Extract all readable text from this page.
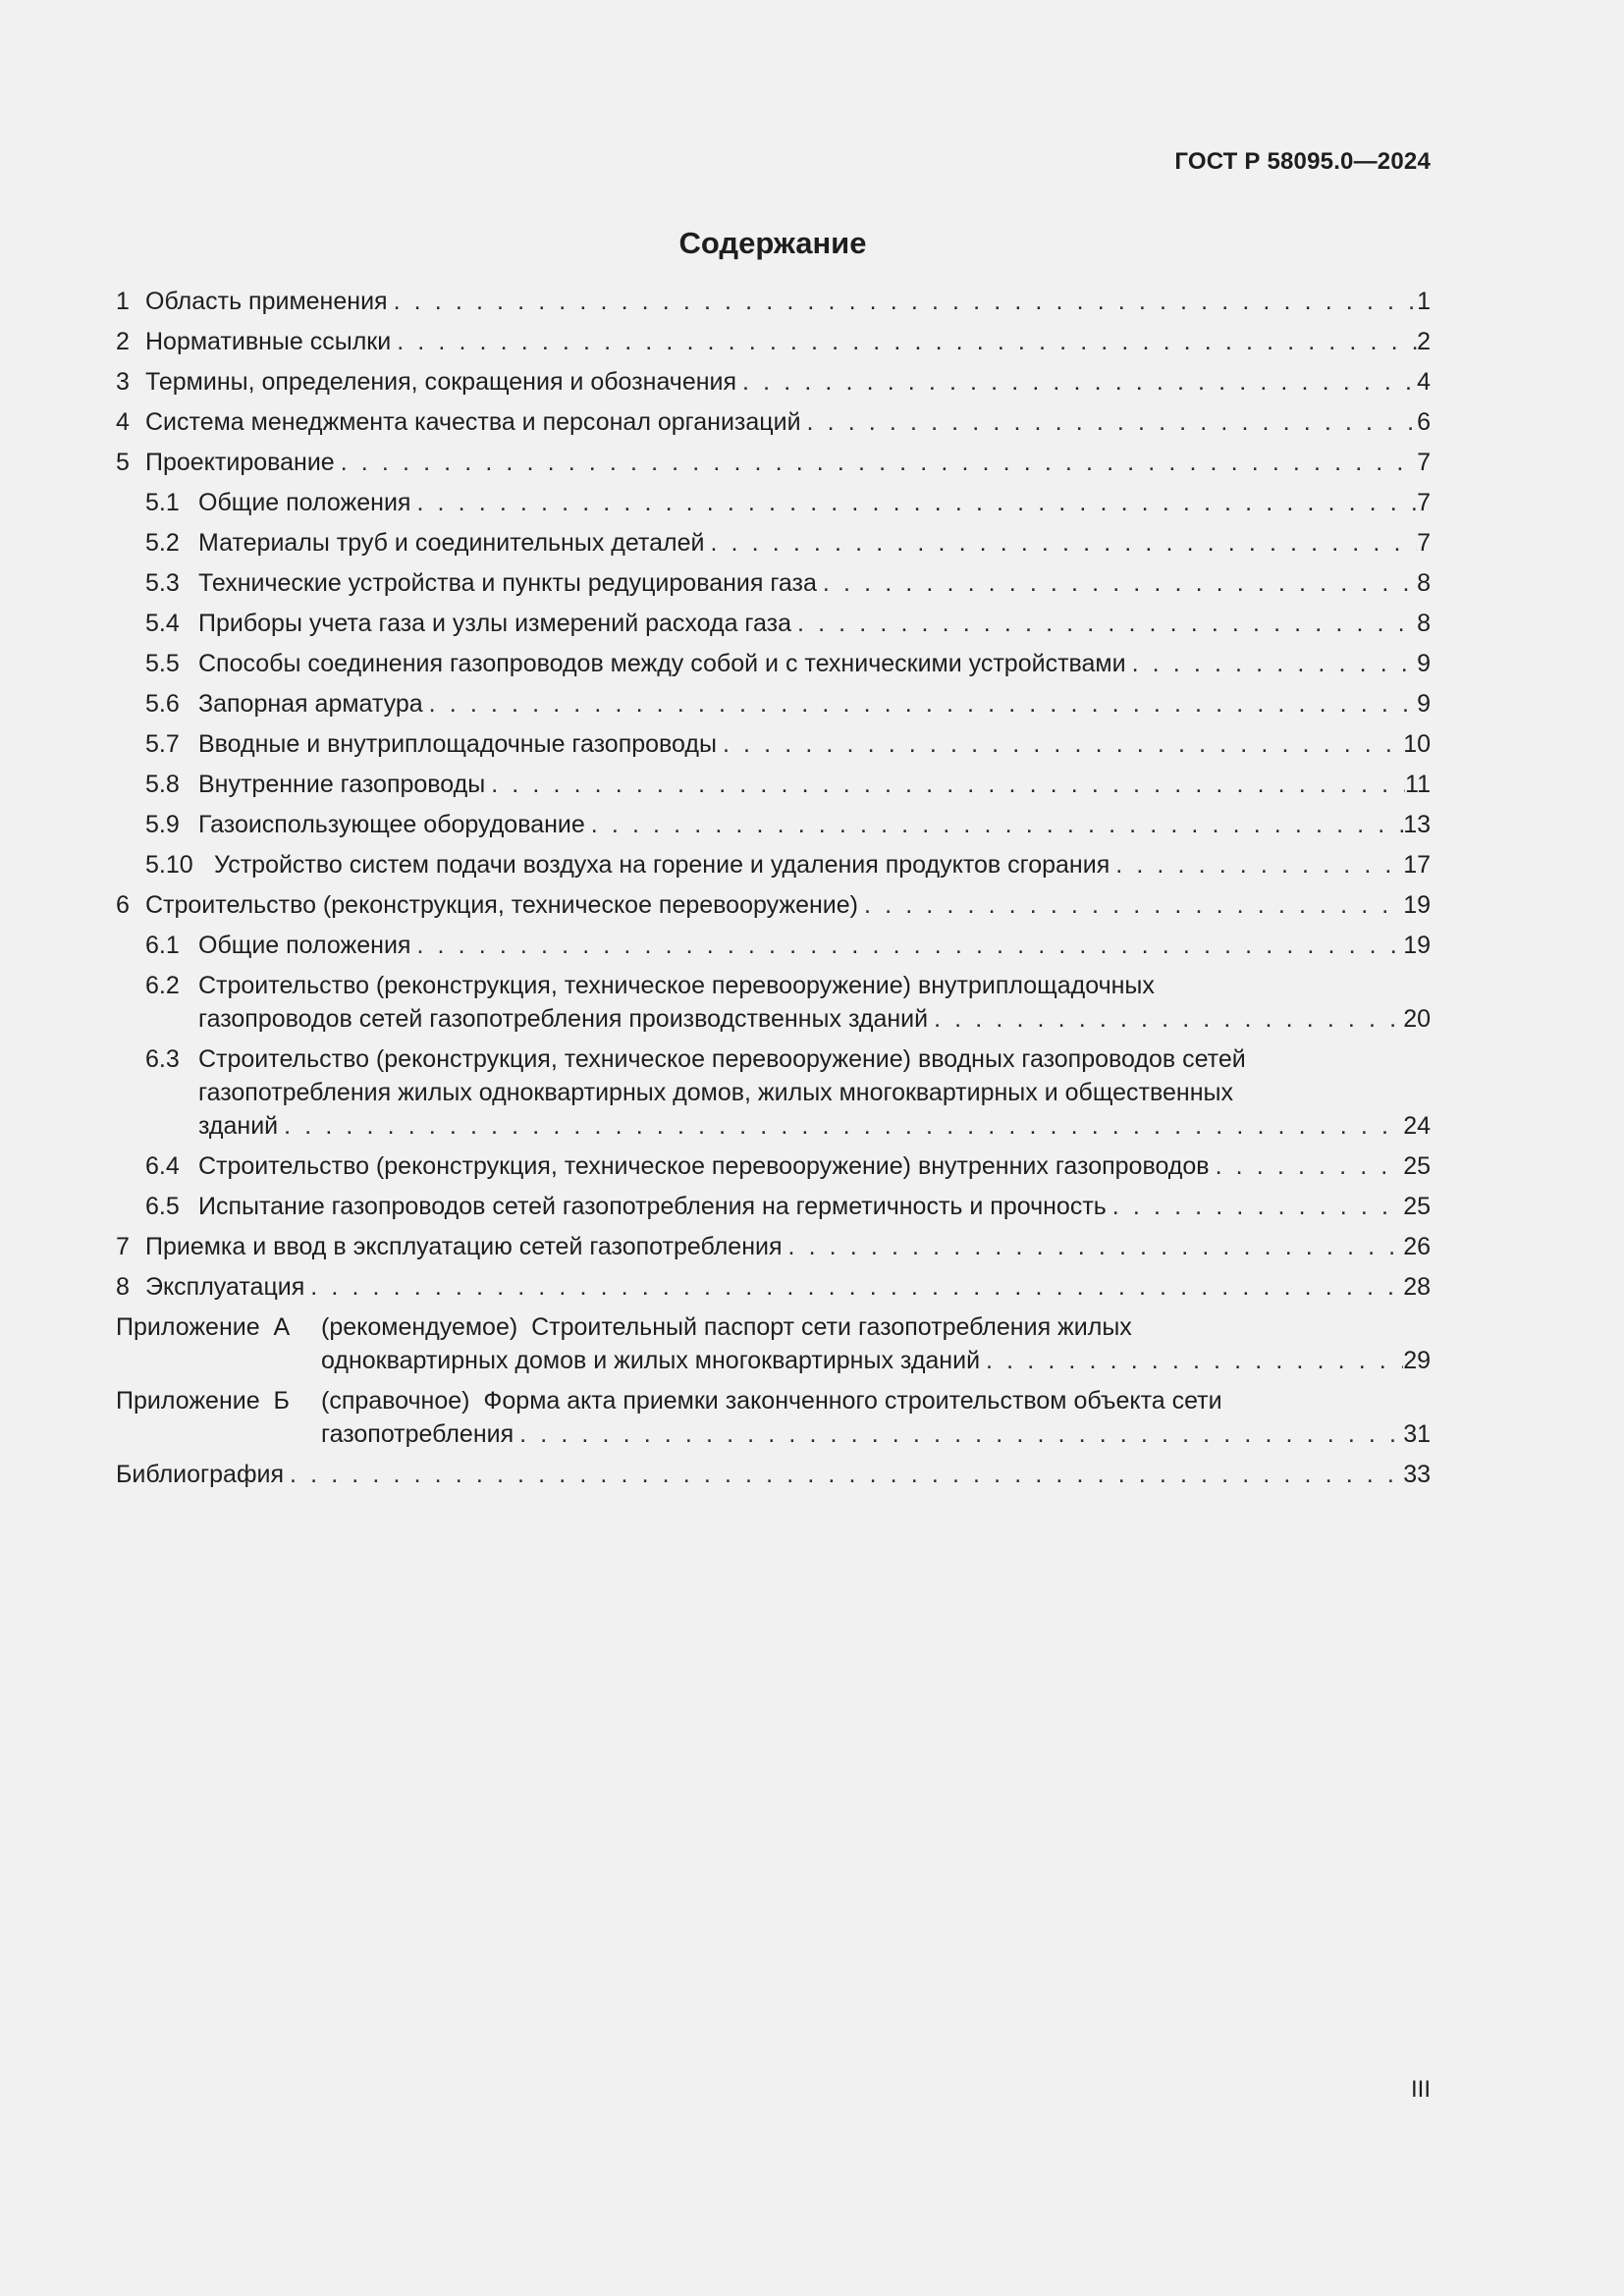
ГОСТ Р 58095.0—2024
Содержание
1 Область применения . . .	1
2 Нормативные ссылки . . .	2
3 Термины, определения, сокращения и обозначения . . .	4
4 Система менеджмента качества и персонал организаций . . .	6
5 Проектирование . . .	7
5.1 Общие положения . . .	7
5.2 Материалы труб и соединительных деталей . . .	7
5.3 Технические устройства и пункты редуцирования газа . . .	8
5.4 Приборы учета газа и узлы измерений расхода газа . . .	8
5.5 Способы соединения газопроводов между собой и с техническими устройствами . . .	9
5.6 Запорная арматура . . .	9
5.7 Вводные и внутриплощадочные газопроводы . . .	10
5.8 Внутренние газопроводы . . .	11
5.9 Газоиспользующее оборудование . . .	13
5.10 Устройство систем подачи воздуха на горение и удаления продуктов сгорания . . .	17
6 Строительство (реконструкция, техническое перевооружение) . . .	19
6.1 Общие положения . . .	19
6.2 Строительство (реконструкция, техническое перевооружение) внутриплощадочных
газопроводов сетей газопотребления производственных зданий . . .	20
6.3 Строительство (реконструкция, техническое перевооружение) вводных газопроводов сетей
газопотребления жилых одноквартирных домов, жилых многоквартирных и общественных
зданий . . .	24
6.4 Строительство (реконструкция, техническое перевооружение) внутренних газопроводов . . .	25
6.5 Испытание газопроводов сетей газопотребления на герметичность и прочность . . .	25
7 Приемка и ввод в эксплуатацию сетей газопотребления . . .	26
8 Эксплуатация . . .	28
Приложение  А	(рекомендуемое)  Строительный паспорт сети газопотребления жилых
одноквартирных домов и жилых многоквартирных зданий . . .	29
Приложение  Б	(справочное)  Форма акта приемки законченного строительством объекта сети
газопотребления . . .	31
Библиография . . .	33
III
